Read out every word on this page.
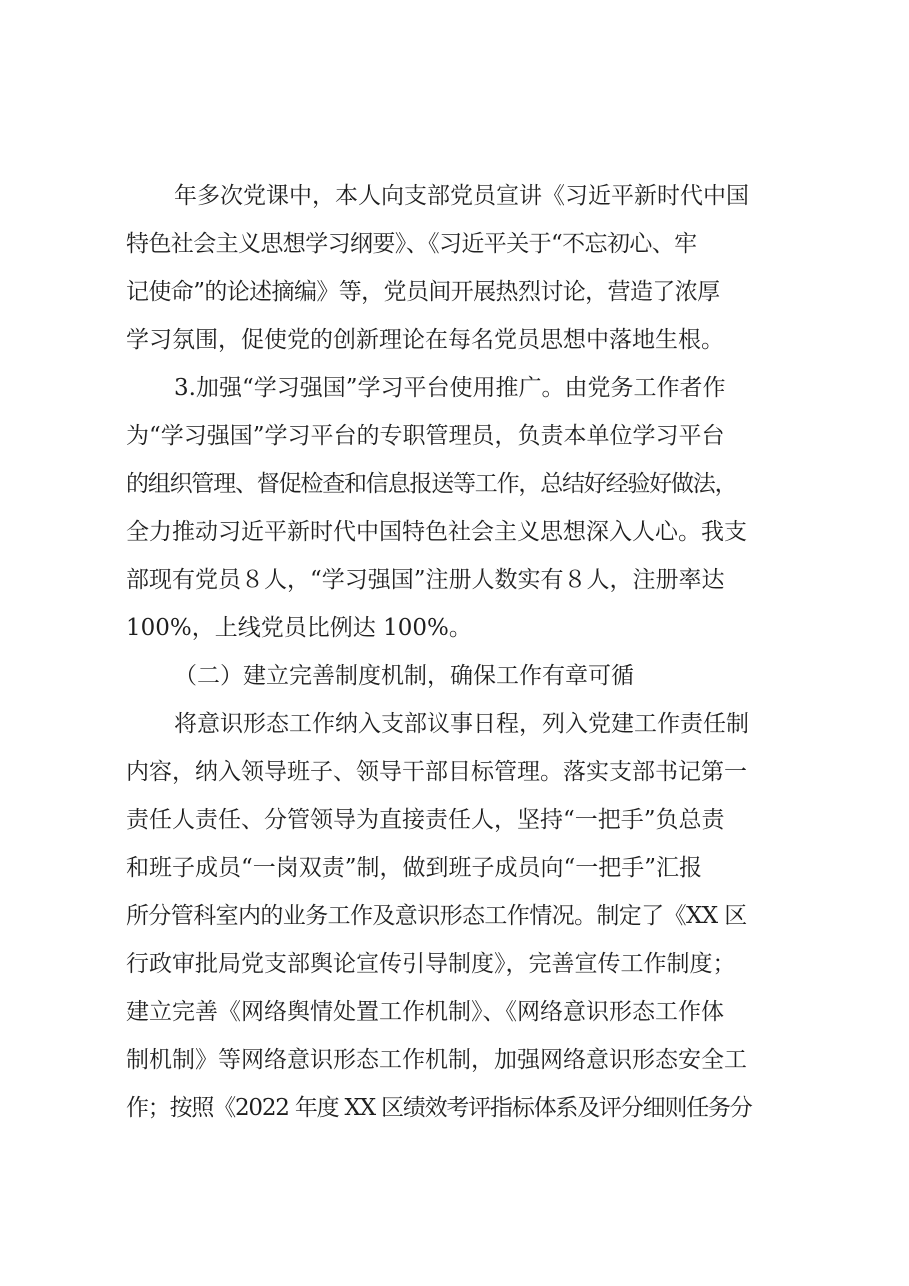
年多次党课中，本人向支部党员宣讲《习近平新时代中国
特色社会主义思想学习纲要》、《习近平关于“不忘初心、牢
记使命”的论述摘编》等，党员间开展热烈讨论，营造了浓厚
学习氛围，促使党的创新理论在每名党员思想中落地生根。
3.加强“学习强国”学习平台使用推广。由党务工作者作
为“学习强国”学习平台的专职管理员，负责本单位学习平台
的组织管理、督促检查和信息报送等工作，总结好经验好做法，
全力推动习近平新时代中国特色社会主义思想深入人心。我支
部现有党员８人，“学习强国”注册人数实有８人，注册率达
100%，上线党员比例达 100%。
（二）建立完善制度机制，确保工作有章可循
将意识形态工作纳入支部议事日程，列入党建工作责任制
内容，纳入领导班子、领导干部目标管理。落实支部书记第一
责任人责任、分管领导为直接责任人，坚持“一把手”负总责
和班子成员“一岗双责”制，做到班子成员向“一把手”汇报
所分管科室内的业务工作及意识形态工作情况。制定了《XX 区
行政审批局党支部舆论宣传引导制度》，完善宣传工作制度；
建立完善《网络舆情处置工作机制》、《网络意识形态工作体
制机制》等网络意识形态工作机制，加强网络意识形态安全工
作；按照《2022 年度 XX 区绩效考评指标体系及评分细则任务分
